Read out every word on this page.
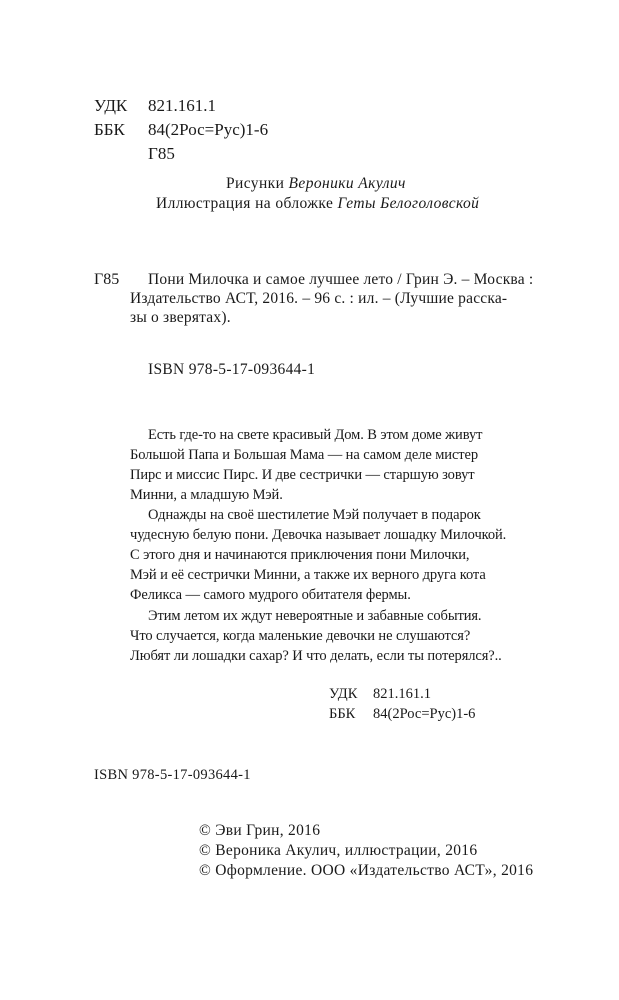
УДК 821.161.1
ББК 84(2Рос=Рус)1-6
Г85
Рисунки Вероники Акулич
Иллюстрация на обложке Геты Белоголовской
Г85 Пони Милочка и самое лучшее лето / Грин Э. – Москва :
Издательство АСТ, 2016. – 96 с. : ил. – (Лучшие расска-
зы о зверятах).
ISBN 978-5-17-093644-1
Есть где-то на свете красивый Дом. В этом доме живут
Большой Папа и Большая Мама — на самом деле мистер
Пирс и миссис Пирс. И две сестрички — старшую зовут
Минни, а младшую Мэй.
Однажды на своё шестилетие Мэй получает в подарок
чудесную белую пони. Девочка называет лошадку Милочкой.
С этого дня и начинаются приключения пони Милочки,
Мэй и её сестрички Минни, а также их верного друга кота
Феликса — самого мудрого обитателя фермы.
Этим летом их ждут невероятные и забавные события.
Что случается, когда маленькие девочки не слушаются?
Любят ли лошадки сахар? И что делать, если ты потерялся?..
УДК 821.161.1
ББК 84(2Рос=Рус)1-6
ISBN 978-5-17-093644-1
© Эви Грин, 2016
© Вероника Акулич, иллюстрации, 2016
© Оформление. ООО «Издательство АСТ», 2016
